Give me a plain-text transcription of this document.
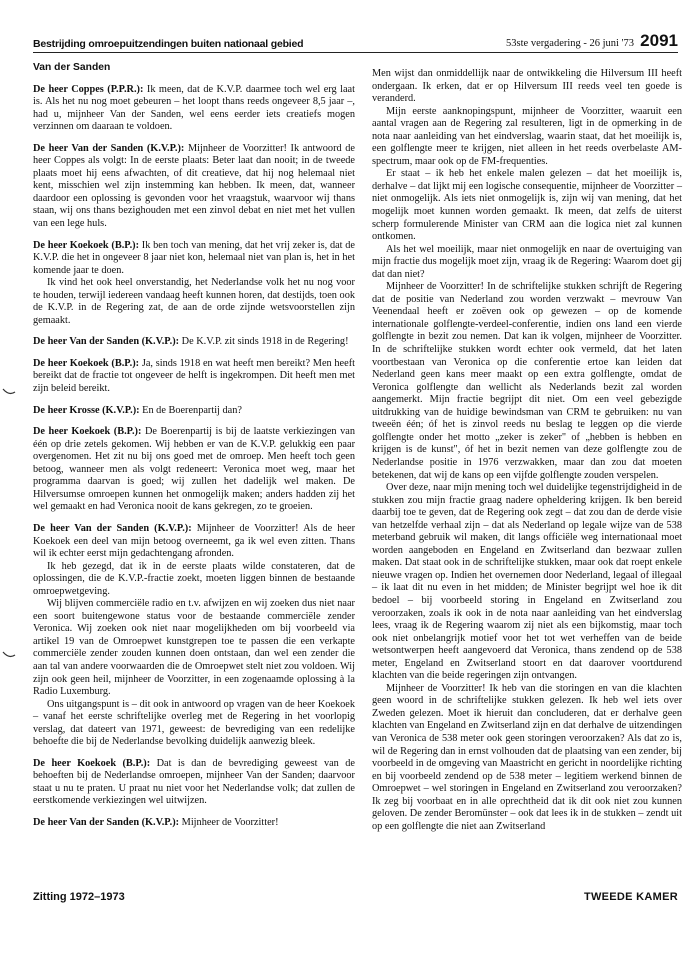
Bestrijding omroepuitzendingen buiten nationaal gebied	53ste vergadering - 26 juni '73 2091
Van der Sanden

De heer Coppes (P.P.R.): Ik meen, dat de K.V.P. daarmee toch wel erg laat is. Als het nu nog moet gebeuren – het loopt thans reeds ongeveer 8,5 jaar –, had u, mijnheer Van der Sanden, wel eens eerder iets creatiefs mogen verzinnen om daaraan te voldoen.

De heer Van der Sanden (K.V.P.): Mijnheer de Voorzitter! Ik antwoord de heer Coppes als volgt: In de eerste plaats: Beter laat dan nooit; in de tweede plaats moet hij eens afwachten, of dit creatieve, dat hij nog helemaal niet kent, misschien wel zijn instemming kan hebben. Ik meen, dat, wanneer daardoor een oplossing is gevonden voor het vraagstuk, waarvoor wij thans staan, wij ons thans bezighouden met een zinvol debat en niet met het vullen van een lege huls.

De heer Koekoek (B.P.): Ik ben toch van mening, dat het vrij zeker is, dat de K.V.P. die het in ongeveer 8 jaar niet kon, helemaal niet van plan is, het in het komende jaar te doen.

Ik vind het ook heel onverstandig, het Nederlandse volk het nu nog voor te houden, terwijl iedereen vandaag heeft kunnen horen, dat destijds, toen ook de K.V.P. in de Regering zat, de aan de orde zijnde wetsvoorstellen zijn gemaakt.

De heer Van der Sanden (K.V.P.): De K.V.P. zit sinds 1918 in de Regering!

De heer Koekoek (B.P.): Ja, sinds 1918 en wat heeft men bereikt? Men heeft bereikt dat de fractie tot ongeveer de helft is ingekrompen. Dit heeft men met zijn beleid bereikt.

De heer Krosse (K.V.P.): En de Boerenpartij dan?

De heer Koekoek (B.P.): De Boerenpartij is bij de laatste verkiezingen van één op drie zetels gekomen. Wij hebben er van de K.V.P. gelukkig een paar overgenomen. Het zit nu bij ons goed met de omroep. Men heeft toch geen betoog, wanneer men als volgt redeneert: Veronica moet weg, maar het programma daarvan is goed; wij zullen het dadelijk wel maken. De Hilversumse omroepen kunnen het onmogelijk maken; anders hadden zij het wel gemaakt en had Veronica nooit de kans gekregen, zo te groeien.

De heer Van der Sanden (K.V.P.): Mijnheer de Voorzitter! Als de heer Koekoek een deel van mijn betoog overneemt, ga ik wel even zitten. Thans wil ik echter eerst mijn gedachtengang afronden.

Ik heb gezegd, dat ik in de eerste plaats wilde constateren, dat de oplossingen, die de K.V.P.-fractie zoekt, moeten liggen binnen de bestaande omroepwetgeving.

Wij blijven commerciële radio en t.v. afwijzen en wij zoeken dus niet naar een soort buitengewone status voor de bestaande commerciële zender Veronica. Wij zoeken ook niet naar mogelijkheden om bij voorbeeld via artikel 19 van de Omroepwet kunstgrepen toe te passen die een verkapte commerciële zender zouden kunnen doen ontstaan, dan wel een zender die aan tal van andere voorwaarden die de Omroepwet stelt niet zou voldoen. Wij zijn ook geen heil, mijnheer de Voorzitter, in een zogenaamde oplossing à la Radio Luxemburg.

Ons uitgangspunt is – dit ook in antwoord op vragen van de heer Koekoek – vanaf het eerste schriftelijke overleg met de Regering in het voorlopig verslag, dat dateert van 1971, geweest: de bevrediging van een redelijke behoefte die bij de Nederlandse bevolking duidelijk aanwezig bleek.

De heer Koekoek (B.P.): Dat is dan de bevrediging geweest van de behoeften bij de Nederlandse omroepen, mijnheer Van der Sanden; daarvoor staat u nu te praten. U praat nu niet voor het Nederlandse volk; dat zullen de eerstkomende verkiezingen wel uitwijzen.

De heer Van der Sanden (K.V.P.): Mijnheer de Voorzitter!

Men wijst dan onmiddellijk naar de ontwikkeling die Hilversum III heeft ondergaan. Ik erken, dat er op Hilversum III reeds veel ten goede is veranderd.

Mijn eerste aanknopingspunt, mijnheer de Voorzitter, waaruit een aantal vragen aan de Regering zal resulteren, ligt in de opmerking in de nota naar aanleiding van het eindverslag, waarin staat, dat het moeilijk is, een golflengte meer te krijgen, niet alleen in het reeds overbelaste AM-spectrum, maar ook op de FM-frequenties.

Er staat – ik heb het enkele malen gelezen – dat het moeilijk is, derhalve – dat lijkt mij een logische consequentie, mijnheer de Voorzitter – niet onmogelijk. Als iets niet onmogelijk is, zijn wij van mening, dat het mogelijk moet kunnen worden gemaakt. Ik meen, dat zelfs de uiterst scherp formulerende Minister van CRM aan die logica niet zal kunnen ontkomen.

Als het wel moeilijk, maar niet onmogelijk en naar de overtuiging van mijn fractie dus mogelijk moet zijn, vraag ik de Regering: Waarom doet gij dat dan niet?

Mijnheer de Voorzitter! In de schriftelijke stukken schrijft de Regering dat de positie van Nederland zou worden verzwakt – mevrouw Van Veenendaal heeft er zoëven ook op gewezen – op de komende internationale golflengte-verdeel-conferentie, indien ons land een vierde golflengte in bezit zou nemen. Dat kan ik volgen, mijnheer de Voorzitter. In de schriftelijke stukken wordt echter ook vermeld, dat het laten voortbestaan van Veronica op die conferentie ertoe kan leiden dat Nederland geen kans meer maakt op een extra golflengte, omdat de Veronica golflengte dan wellicht als Nederlands bezit zal worden aangemerkt. Mijn fractie begrijpt dit niet. Om een veel gebezigde uitdrukking van de huidige bewindsman van CRM te gebruiken: nu van tweeën één; óf het is zinvol reeds nu beslag te leggen op die vierde golflengte onder het motto „zeker is zeker" of „hebben is hebben en krijgen is de kunst", óf het in bezit nemen van deze golflengte zou de Nederlandse positie in 1976 verzwakken, maar dan zou dat moeten betekenen, dat wij de kans op een vijfde golflengte zouden verspelen.

Over deze, naar mijn mening toch wel duidelijke tegenstrijdigheid in de stukken zou mijn fractie graag nadere opheldering krijgen. Ik ben bereid daarbij toe te geven, dat de Regering ook zegt – dat zou dan de derde visie van hetzelfde verhaal zijn – dat als Nederland op legale wijze van de 538 meterband gebruik wil maken, dit langs officiële weg internationaal moet worden aangeboden en Engeland en Zwitserland dan bezwaar zullen maken. Dat staat ook in de schriftelijke stukken, maar ook dat roept enkele nieuwe vragen op. Indien het overnemen door Nederland, legaal of illegaal – ik laat dit nu even in het midden; de Minister begrijpt wel hoe ik dit bedoel – bij voorbeeld storing in Engeland en Zwitserland zou veroorzaken, zoals ik ook in de nota naar aanleiding van het eindverslag lees, vraag ik de Regering waarom zij niet als een bijkomstig, maar toch ook niet onbelangrijk motief voor het tot wet verheffen van de beide wetsontwerpen heeft aangevoerd dat Veronica, thans zendend op de 538 meter, Engeland en Zwitserland stoort en dat daarover voortdurend klachten van die beide regeringen zijn ontvangen.

Mijnheer de Voorzitter! Ik heb van die storingen en van die klachten geen woord in de schriftelijke stukken gelezen. Ik heb wel iets over Zweden gelezen. Moet ik hieruit dan concluderen, dat er derhalve geen klachten van Engeland en Zwitserland zijn en dat derhalve de uitzendingen van Veronica de 538 meter ook geen storingen veroorzaken? Als dat zo is, wil de Regering dan in ernst volhouden dat de plaatsing van een zender, bij voorbeeld in de omgeving van Maastricht en gericht in noordelijke richting en bij voorbeeld zendend op de 538 meter – legitiem werkend binnen de Omroepwet – wel storingen in Engeland en Zwitserland zou veroorzaken? Ik zeg bij voorbaat en in alle oprechtheid dat ik dit ook niet zou kunnen geloven. De zender Beromünster – ook dat lees ik in de stukken – zendt uit op een golflengte die niet aan Zwitserland

Zitting 1972–1973	TWEEDE KAMER
